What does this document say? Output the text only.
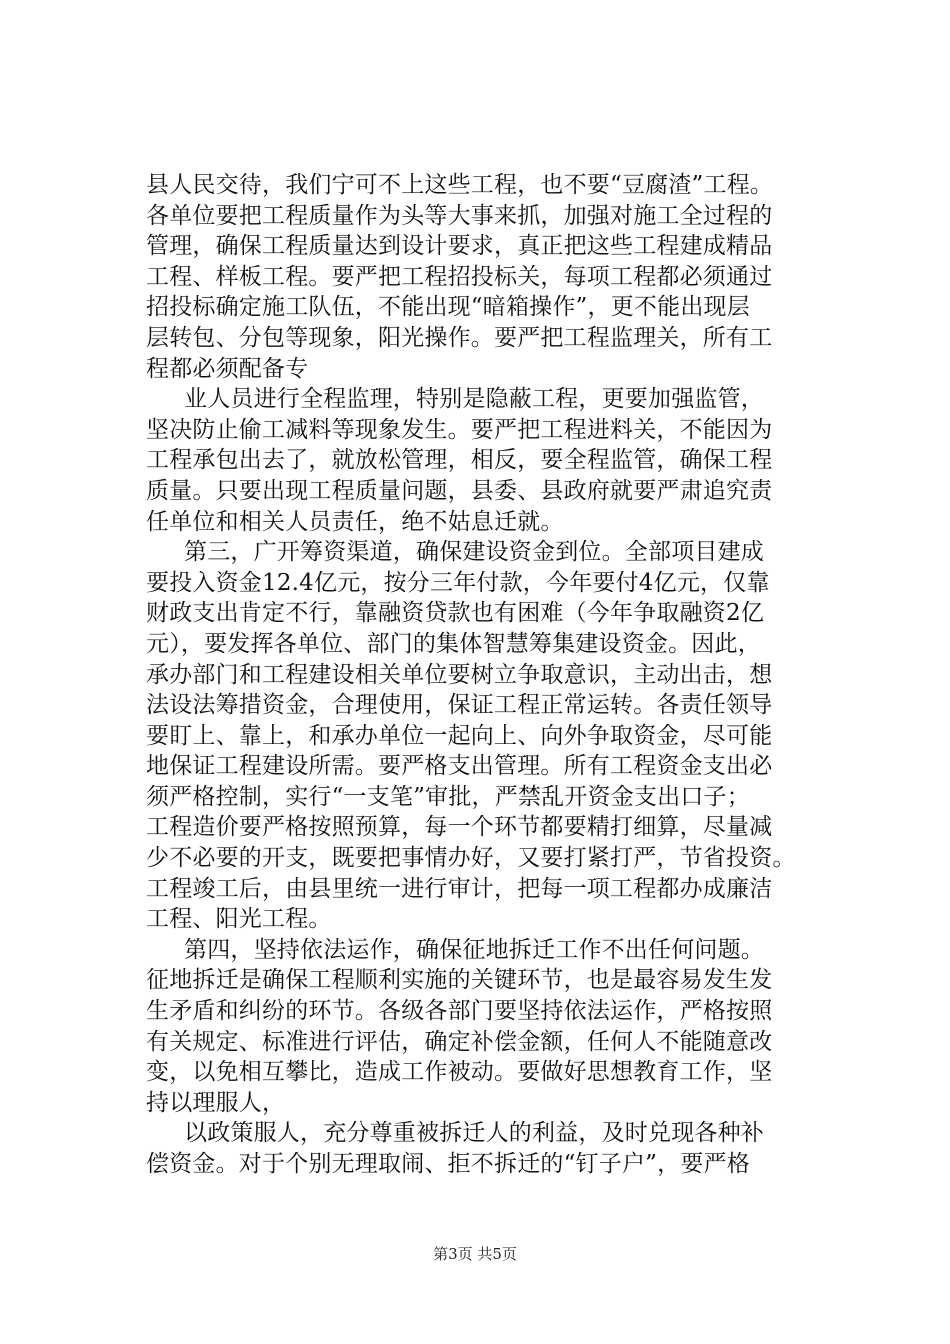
县人民交待，我们宁可不上这些工程，也不要“豆腐渣”工程。
各单位要把工程质量作为头等大事来抓，加强对施工全过程的
管理，确保工程质量达到设计要求，真正把这些工程建成精品
工程、样板工程。要严把工程招投标关，每项工程都必须通过
招投标确定施工队伍，不能出现“暗箱操作”，更不能出现层
层转包、分包等现象，阳光操作。要严把工程监理关，所有工
程都必须配备专
业人员进行全程监理，特别是隐蔽工程，更要加强监管，
坚决防止偷工减料等现象发生。要严把工程进料关，不能因为
工程承包出去了，就放松管理，相反，要全程监管，确保工程
质量。只要出现工程质量问题，县委、县政府就要严肃追究责
任单位和相关人员责任，绝不姑息迁就。
第三，广开筹资渠道，确保建设资金到位。全部项目建成
要投入资金12.4亿元，按分三年付款，今年要付4亿元，仅靠
财政支出肯定不行，靠融资贷款也有困难（今年争取融资2亿
元），要发挥各单位、部门的集体智慧筹集建设资金。因此，
承办部门和工程建设相关单位要树立争取意识，主动出击，想
法设法筹措资金，合理使用，保证工程正常运转。各责任领导
要盯上、靠上，和承办单位一起向上、向外争取资金，尽可能
地保证工程建设所需。要严格支出管理。所有工程资金支出必
须严格控制，实行“一支笔”审批，严禁乱开资金支出口子；
工程造价要严格按照预算，每一个环节都要精打细算，尽量减
少不必要的开支，既要把事情办好，又要打紧打严，节省投资。
工程竣工后，由县里统一进行审计，把每一项工程都办成廉洁
工程、阳光工程。
第四，坚持依法运作，确保征地拆迁工作不出任何问题。
征地拆迁是确保工程顺利实施的关键环节，也是最容易发生发
生矛盾和纠纷的环节。各级各部门要坚持依法运作，严格按照
有关规定、标准进行评估，确定补偿金额，任何人不能随意改
变，以免相互攀比，造成工作被动。要做好思想教育工作，坚
持以理服人，
以政策服人，充分尊重被拆迁人的利益，及时兑现各种补
偿资金。对于个别无理取闹、拒不拆迁的“钉子户”，要严格
第3页 共5页
